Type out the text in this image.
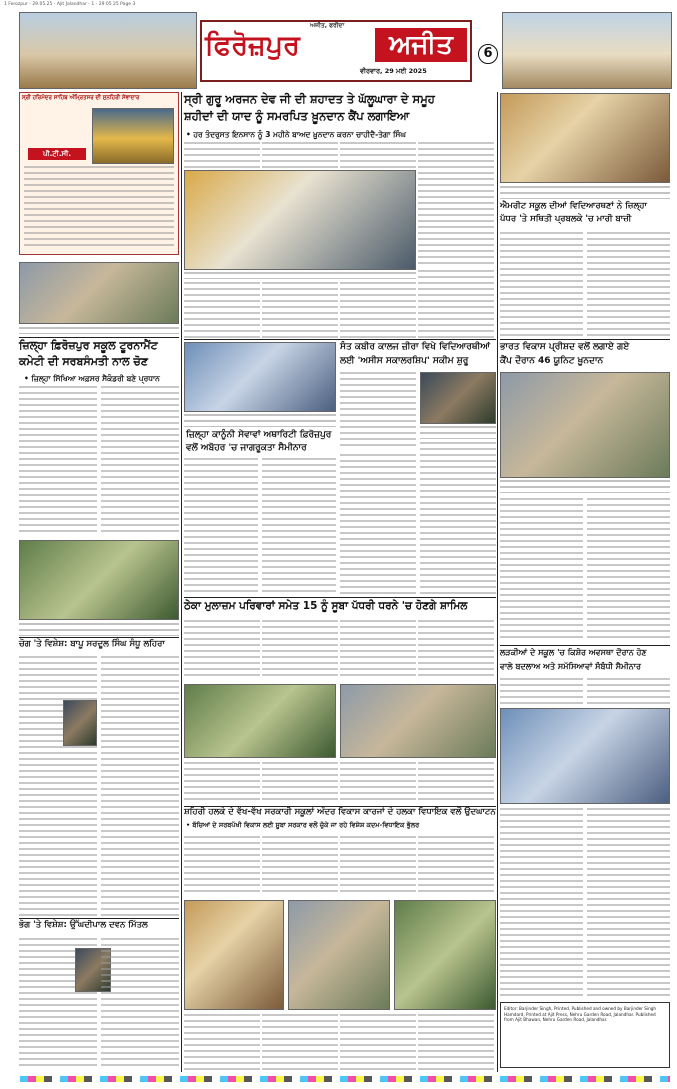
1 Ferozpur - 29.05.25 - Ajit Jalandhar - 1 - 29 05 25 Page 3
ਅਜੀਤ, ਫਰੀਦਾ
ਫਿਰੋਜ਼ਪੁਰ	ਅਜੀਤ
ਵੀਰਵਾਰ, 29 ਮਈ 2025
6
ਸ੍ਰੀ ਹਰਿਮੰਦਰ ਸਾਹਿਬ ਅੰਮ੍ਰਿਤਸਰ ਦੀ ਸੁਨਹਿਰੀ ਸੇਵਾਦਾਰ
ਪੀ.ਟੀ.ਸੀ.
ਜ਼ਿਲ੍ਹਾ ਫ਼ਿਰੋਜ਼ਪੁਰ ਸਕੂਲ ਟੂਰਨਾਮੈਂਟ
ਕਮੇਟੀ ਦੀ ਸਰਬਸੰਮਤੀ ਨਾਲ ਚੋਣ
• ਜ਼ਿਲ੍ਹਾ ਸਿੱਖਿਆ ਅਫ਼ਸਰ ਸੈਕੰਡਰੀ ਬਣੇ ਪ੍ਰਧਾਨ
ਚੋਗ 'ਤੇ ਵਿਸ਼ੇਸ਼: ਬਾਪੂ ਸਰਦੂਲ ਸਿੰਘ ਸੰਧੂ ਲਹਿਰਾ
ਭੋਗ 'ਤੇ ਵਿਸ਼ੇਸ਼: ਉੱਘਦੀਪਾਲ ਦਵਨ ਮਿੱਤਲ
ਸ੍ਰੀ ਗੁਰੂ ਅਰਜਨ ਦੇਵ ਜੀ ਦੀ ਸ਼ਹਾਦਤ ਤੇ ਘੱਲੂਘਾਰਾ ਦੇ ਸਮੂਹ
ਸ਼ਹੀਦਾਂ ਦੀ ਯਾਦ ਨੂੰ ਸਮਰਪਿਤ ਖ਼ੂਨਦਾਨ ਕੈਂਪ ਲਗਾਇਆ
• ਹਰ ਤੰਦਰੁਸਤ ਇਨਸਾਨ ਨੂੰ 3 ਮਹੀਨੇ ਬਾਅਦ ਖ਼ੂਨਦਾਨ ਕਰਨਾ ਚਾਹੀਦੈ-ਤੇਗਾ ਸਿੰਘ
ਸੰਤ ਕਬੀਰ ਕਾਲਜ ਜ਼ੀਰਾ ਵਿਖੇ ਵਿਦਿਆਰਥੀਆਂ
ਲਈ 'ਅਸੀਸ ਸਕਾਲਰਸ਼ਿਪ' ਸਕੀਮ ਸ਼ੁਰੂ
ਜ਼ਿਲ੍ਹਾ ਕਾਨੂੰਨੀ ਸੇਵਾਵਾਂ ਅਥਾਰਿਟੀ ਫ਼ਿਰੋਜ਼ਪੁਰ
ਵਲੋਂ ਅਬੋਹਰ 'ਚ ਜਾਗਰੂਕਤਾ ਸੈਮੀਨਾਰ
ਐਮਰੀਟ ਸਕੂਲ ਦੀਆਂ ਵਿਦਿਆਰਥਣਾਂ ਨੇ ਜ਼ਿਲ੍ਹਾ
ਪੱਧਰ 'ਤੇ ਸਥਿਤੀ ਪ੍ਰਬਲਕੇ 'ਚ ਮਾਰੀ ਬਾਜ਼ੀ
ਭਾਰਤ ਵਿਕਾਸ ਪ੍ਰੀਸ਼ਦ ਵਲੋਂ ਲਗਾਏ ਗਏ
ਕੈਂਪ ਦੌਰਾਨ 46 ਯੂਨਿਟ ਖ਼ੂਨਦਾਨ
ਠੇਕਾ ਮੁਲਾਜ਼ਮ ਪਰਿਵਾਰਾਂ ਸਮੇਤ 15 ਨੂੰ ਸੂਬਾ ਪੱਧਰੀ ਧਰਨੇ 'ਚ ਹੋਣਗੇ ਸ਼ਾਮਿਲ
ਲੜਕੀਆਂ ਦੇ ਸਕੂਲ 'ਚ ਕਿਸ਼ੋਰ ਅਵਸਥਾ ਦੌਰਾਨ ਹੋਣ
ਵਾਲੇ ਬਦਲਾਅ ਅਤੇ ਸਮੱਸਿਆਵਾਂ ਸੰਬੰਧੀ ਸੈਮੀਨਾਰ
ਸ਼ਹਿਰੀ ਹਲਕੇ ਦੇ ਵੱਖ-ਵੱਖ ਸਰਕਾਰੀ ਸਕੂਲਾਂ ਅੰਦਰ ਵਿਕਾਸ ਕਾਰਜਾਂ ਦੇ ਹਲਕਾ ਵਿਧਾਇਕ ਵਲੋਂ ਉਦਘਾਟਨ
• ਬੱਚਿਆਂ ਦੇ ਸਰਬਪੱਖੀ ਵਿਕਾਸ ਲਈ ਸੂਬਾ ਸਰਕਾਰ ਵਲੋਂ ਚੁੱਕੇ ਜਾ ਰਹੇ ਵਿਸ਼ੇਸ਼ ਕਦਮ-ਵਿਧਾਇਕ ਭੁੱਲਰ
Editor: Barjinder Singh, Printed, Published and owned by Barjinder Singh Hamdard, Printed at Ajit Press, Nehru Garden Road, Jalandhar. Published from Ajit Bhawan, Nehru Garden Road, Jalandhar.
